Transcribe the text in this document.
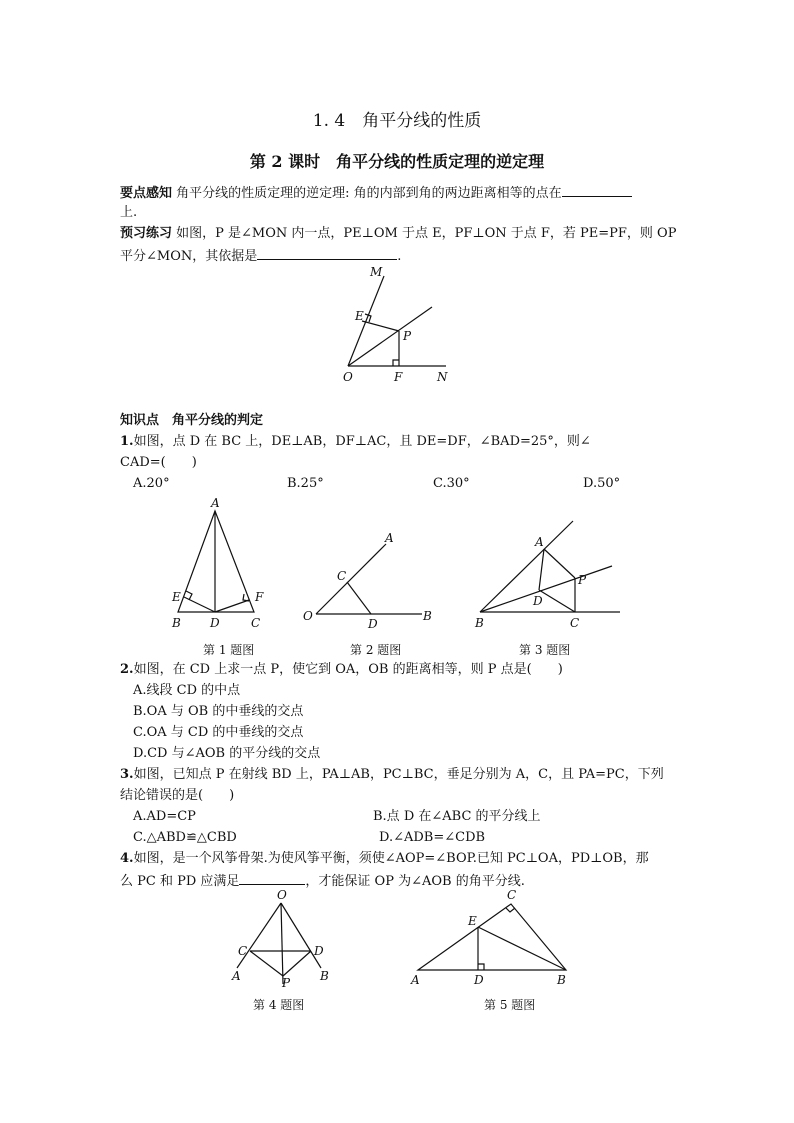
1. 4　角平分线的性质
第 2 课时　角平分线的性质定理的逆定理
要点感知 角平分线的性质定理的逆定理: 角的内部到角的两边距离相等的点在
上.
预习练习 如图，P 是∠MON 内一点，PE⊥OM 于点 E，PF⊥ON 于点 F，若 PE=PF，则 OP
平分∠MON，其依据是	.
M
E
P
O	F	N
知识点　角平分线的判定
1.如图，点 D 在 BC 上，DE⊥AB，DF⊥AC，且 DE=DF，∠BAD=25°，则∠
CAD=(　　)
A.20°	B.25°	C.30°	D.50°
A
E	F
B D	C
第 1 题图
A
C
O
D
B
第 2 题图
A
P
D
B	C
第 3 题图
2.如图，在 CD 上求一点 P，使它到 OA，OB 的距离相等，则 P 点是(　　)
A.线段 CD 的中点
B.OA 与 OB 的中垂线的交点
C.OA 与 CD 的中垂线的交点
D.CD 与∠AOB 的平分线的交点
3.如图，已知点 P 在射线 BD 上，PA⊥AB，PC⊥BC，垂足分别为 A，C，且 PA=PC，下列
结论错误的是(　　)
A.AD=CP	B.点 D 在∠ABC 的平分线上
C.△ABD≌△CBD	D.∠ADB=∠CDB
4.如图，是一个风筝骨架.为使风筝平衡，须使∠AOP=∠BOP.已知 PC⊥OA，PD⊥OB，那
么 PC 和 PD 应满足	，才能保证 OP 为∠AOB 的角平分线.
O
C	D
A	P B
第 4 题图
C
E
A	D	B
第 5 题图
